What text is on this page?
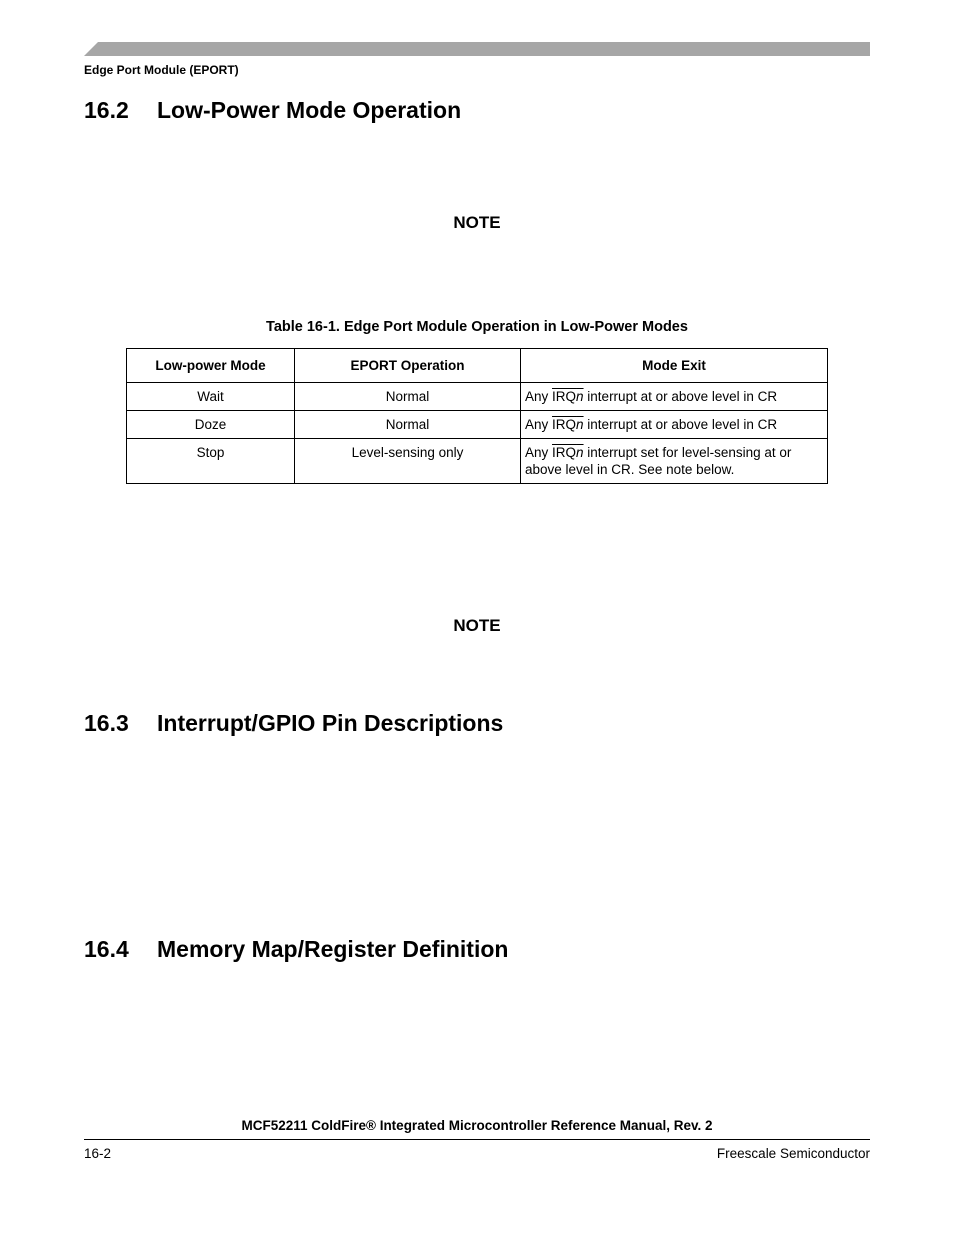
Edge Port Module (EPORT)
16.2 Low-Power Mode Operation
NOTE
Table 16-1. Edge Port Module Operation in Low-Power Modes
Low-power Mode	EPORT Operation	Mode Exit
Wait	Normal	Any IRQn interrupt at or above level in CR
Doze	Normal	Any IRQn interrupt at or above level in CR
Stop	Level-sensing only	Any IRQn interrupt set for level-sensing at or above level in CR. See note below.
NOTE
16.3 Interrupt/GPIO Pin Descriptions
16.4 Memory Map/Register Definition
MCF52211 ColdFire® Integrated Microcontroller Reference Manual, Rev. 2
16-2	Freescale Semiconductor
